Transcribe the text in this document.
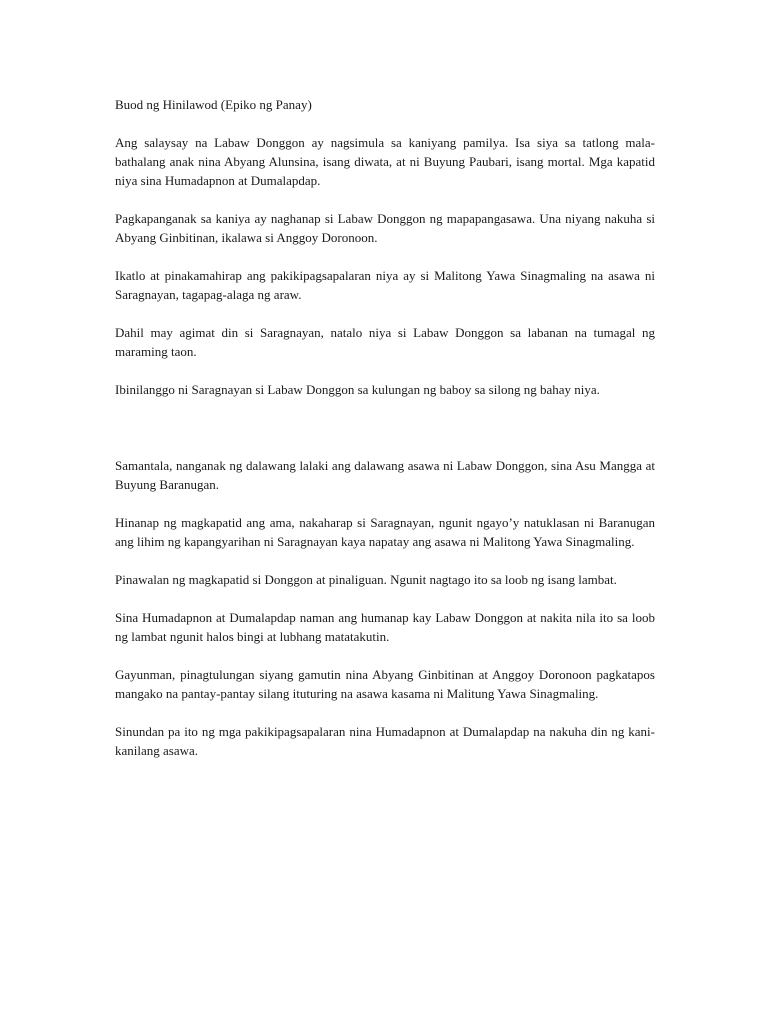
Buod ng Hinilawod (Epiko ng Panay)

Ang salaysay na Labaw Donggon ay nagsimula sa kaniyang pamilya. Isa siya sa tatlong mala-bathalang anak nina Abyang Alunsina, isang diwata, at ni Buyung Paubari, isang mortal. Mga kapatid niya sina Humadapnon at Dumalapdap.

Pagkapanganak sa kaniya ay naghanap si Labaw Donggon ng mapapangasawa. Una niyang nakuha si Abyang Ginbitinan, ikalawa si Anggoy Doronoon.

Ikatlo at pinakamahirap ang pakikipagsapalaran niya ay si Malitong Yawa Sinagmaling na asawa ni Saragnayan, tagapag-alaga ng araw.

Dahil may agimat din si Saragnayan, natalo niya si Labaw Donggon sa labanan na tumagal ng maraming taon.

Ibinilanggo ni Saragnayan si Labaw Donggon sa kulungan ng baboy sa silong ng bahay niya.

Samantala, nanganak ng dalawang lalaki ang dalawang asawa ni Labaw Donggon, sina Asu Mangga at Buyung Baranugan.

Hinanap ng magkapatid ang ama, nakaharap si Saragnayan, ngunit ngayo’y natuklasan ni Baranugan ang lihim ng kapangyarihan ni Saragnayan kaya napatay ang asawa ni Malitong Yawa Sinagmaling.

Pinawalan ng magkapatid si Donggon at pinaliguan. Ngunit nagtago ito sa loob ng isang lambat.

Sina Humadapnon at Dumalapdap naman ang humanap kay Labaw Donggon at nakita nila ito sa loob ng lambat ngunit halos bingi at lubhang matatakutin.

Gayunman, pinagtulungan siyang gamutin nina Abyang Ginbitinan at Anggoy Doronoon pagkatapos mangako na pantay-pantay silang ituturing na asawa kasama ni Malitung Yawa Sinagmaling.

Sinundan pa ito ng mga pakikipagsapalaran nina Humadapnon at Dumalapdap na nakuha din ng kani-kanilang asawa.
